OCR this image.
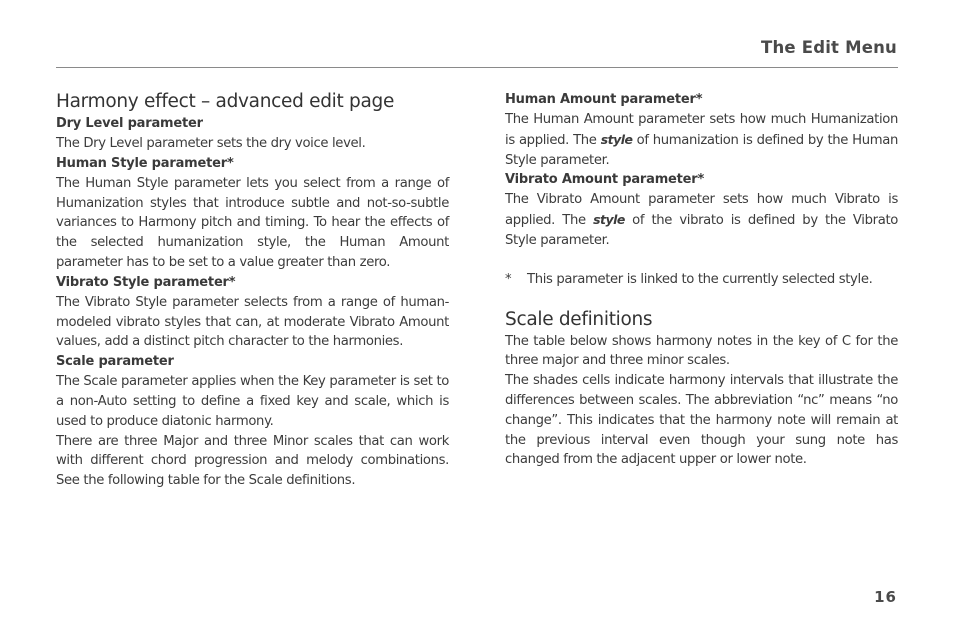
The Edit Menu
Harmony effect – advanced edit page
Dry Level parameter

The Dry Level parameter sets the dry voice level.

Human Style parameter*

The Human Style parameter lets you select from a range of Humanization styles that introduce subtle and not-so-subtle variances to Harmony pitch and timing. To hear the effects of the selected humanization style, the Human Amount parameter has to be set to a value greater than zero.

Vibrato Style parameter*

The Vibrato Style parameter selects from a range of human-modeled vibrato styles that can, at moderate Vibrato Amount values, add a distinct pitch character to the harmonies.

Scale parameter

The Scale parameter applies when the Key parameter is set to a non-Auto setting to define a fixed key and scale, which is used to produce diatonic harmony.

There are three Major and three Minor scales that can work with different chord progression and melody combinations. See the following table for the Scale definitions.

Human Amount parameter*

The Human Amount parameter sets how much Humanization is applied. The style of humanization is defined by the Human Style parameter.

Vibrato Amount parameter*

The Vibrato Amount parameter sets how much Vibrato is applied. The style of the vibrato is defined by the Vibrato Style parameter.

*	This parameter is linked to the currently selected style.
Scale definitions

The table below shows harmony notes in the key of C for the three major and three minor scales.

The shades cells indicate harmony intervals that illustrate the differences between scales. The abbreviation “nc” means “no change”. This indicates that the harmony note will remain at the previous interval even though your sung note has changed from the adjacent upper or lower note.

16
